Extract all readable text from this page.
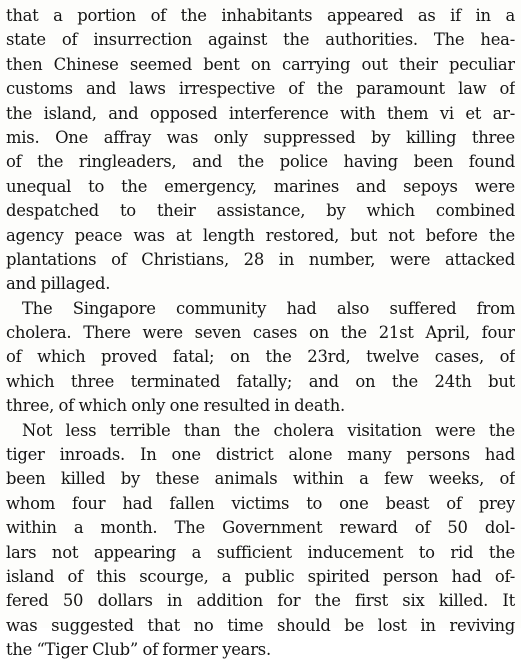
that a portion of the inhabitants appeared as if in a
state of insurrection against the authorities. The hea-
then Chinese seemed bent on carrying out their peculiar
customs and laws irrespective of the paramount law of
the island, and opposed interference with them vi et ar-
mis. One affray was only suppressed by killing three
of the ringleaders, and the police having been found
unequal to the emergency, marines and sepoys were
despatched to their assistance, by which combined
agency peace was at length restored, but not before the
plantations of Christians, 28 in number, were attacked
and pillaged.
The Singapore community had also suffered from
cholera. There were seven cases on the 21st April, four
of which proved fatal; on the 23rd, twelve cases, of
which three terminated fatally; and on the 24th but
three, of which only one resulted in death.
Not less terrible than the cholera visitation were the
tiger inroads. In one district alone many persons had
been killed by these animals within a few weeks, of
whom four had fallen victims to one beast of prey
within a month. The Government reward of 50 dol-
lars not appearing a sufficient inducement to rid the
island of this scourge, a public spirited person had of-
fered 50 dollars in addition for the first six killed. It
was suggested that no time should be lost in reviving
the “Tiger Club” of former years.
